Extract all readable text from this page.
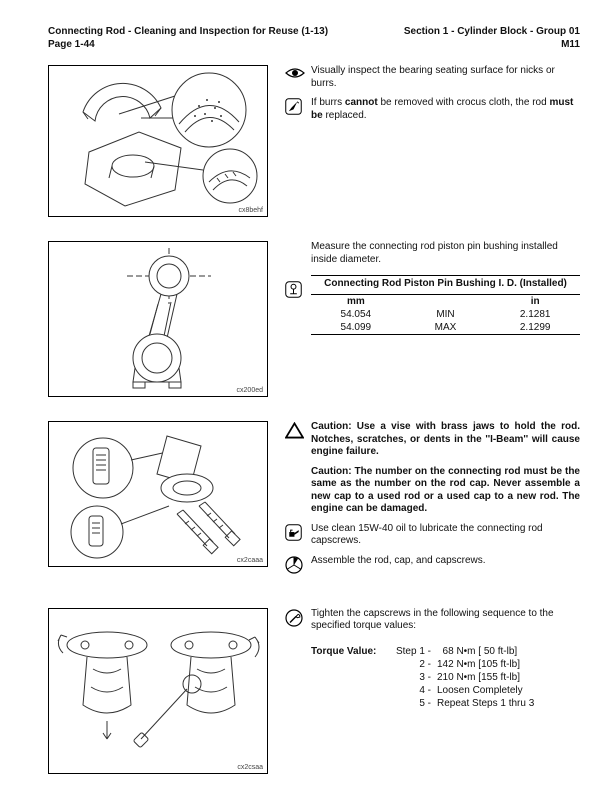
Connecting Rod - Cleaning and Inspection for Reuse (1-13)
Page 1-44
Section 1 - Cylinder Block - Group 01
M11
cx8behf
Visually inspect the bearing seating surface for nicks or burrs.
If burrs cannot be removed with crocus cloth, the rod must be replaced.
cx200ed
Measure the connecting rod piston pin bushing installed inside diameter.
Connecting Rod Piston Pin Bushing I. D. (Installed)
mm	in
54.054	MIN	2.1281
54.099	MAX	2.1299
cx2caaa
Caution: Use a vise with brass jaws to hold the rod. Notches, scratches, or dents in the ''I-Beam'' will cause engine failure.
Caution: The number on the connecting rod must be the same as the number on the rod cap. Never assemble a new cap to a used rod or a used cap to a new rod. The engine can be damaged.
Use clean 15W-40 oil to lubricate the connecting rod capscrews.
Assemble the rod, cap, and capscrews.
cx2csaa
Tighten the capscrews in the following sequence to the specified torque values:
Torque Value:	Step 1 - 68 N•m [ 50 ft-lb]
2 - 142 N•m [105 ft-lb]
3 - 210 N•m [155 ft-lb]
4 - Loosen Completely
5 - Repeat Steps 1 thru 3
